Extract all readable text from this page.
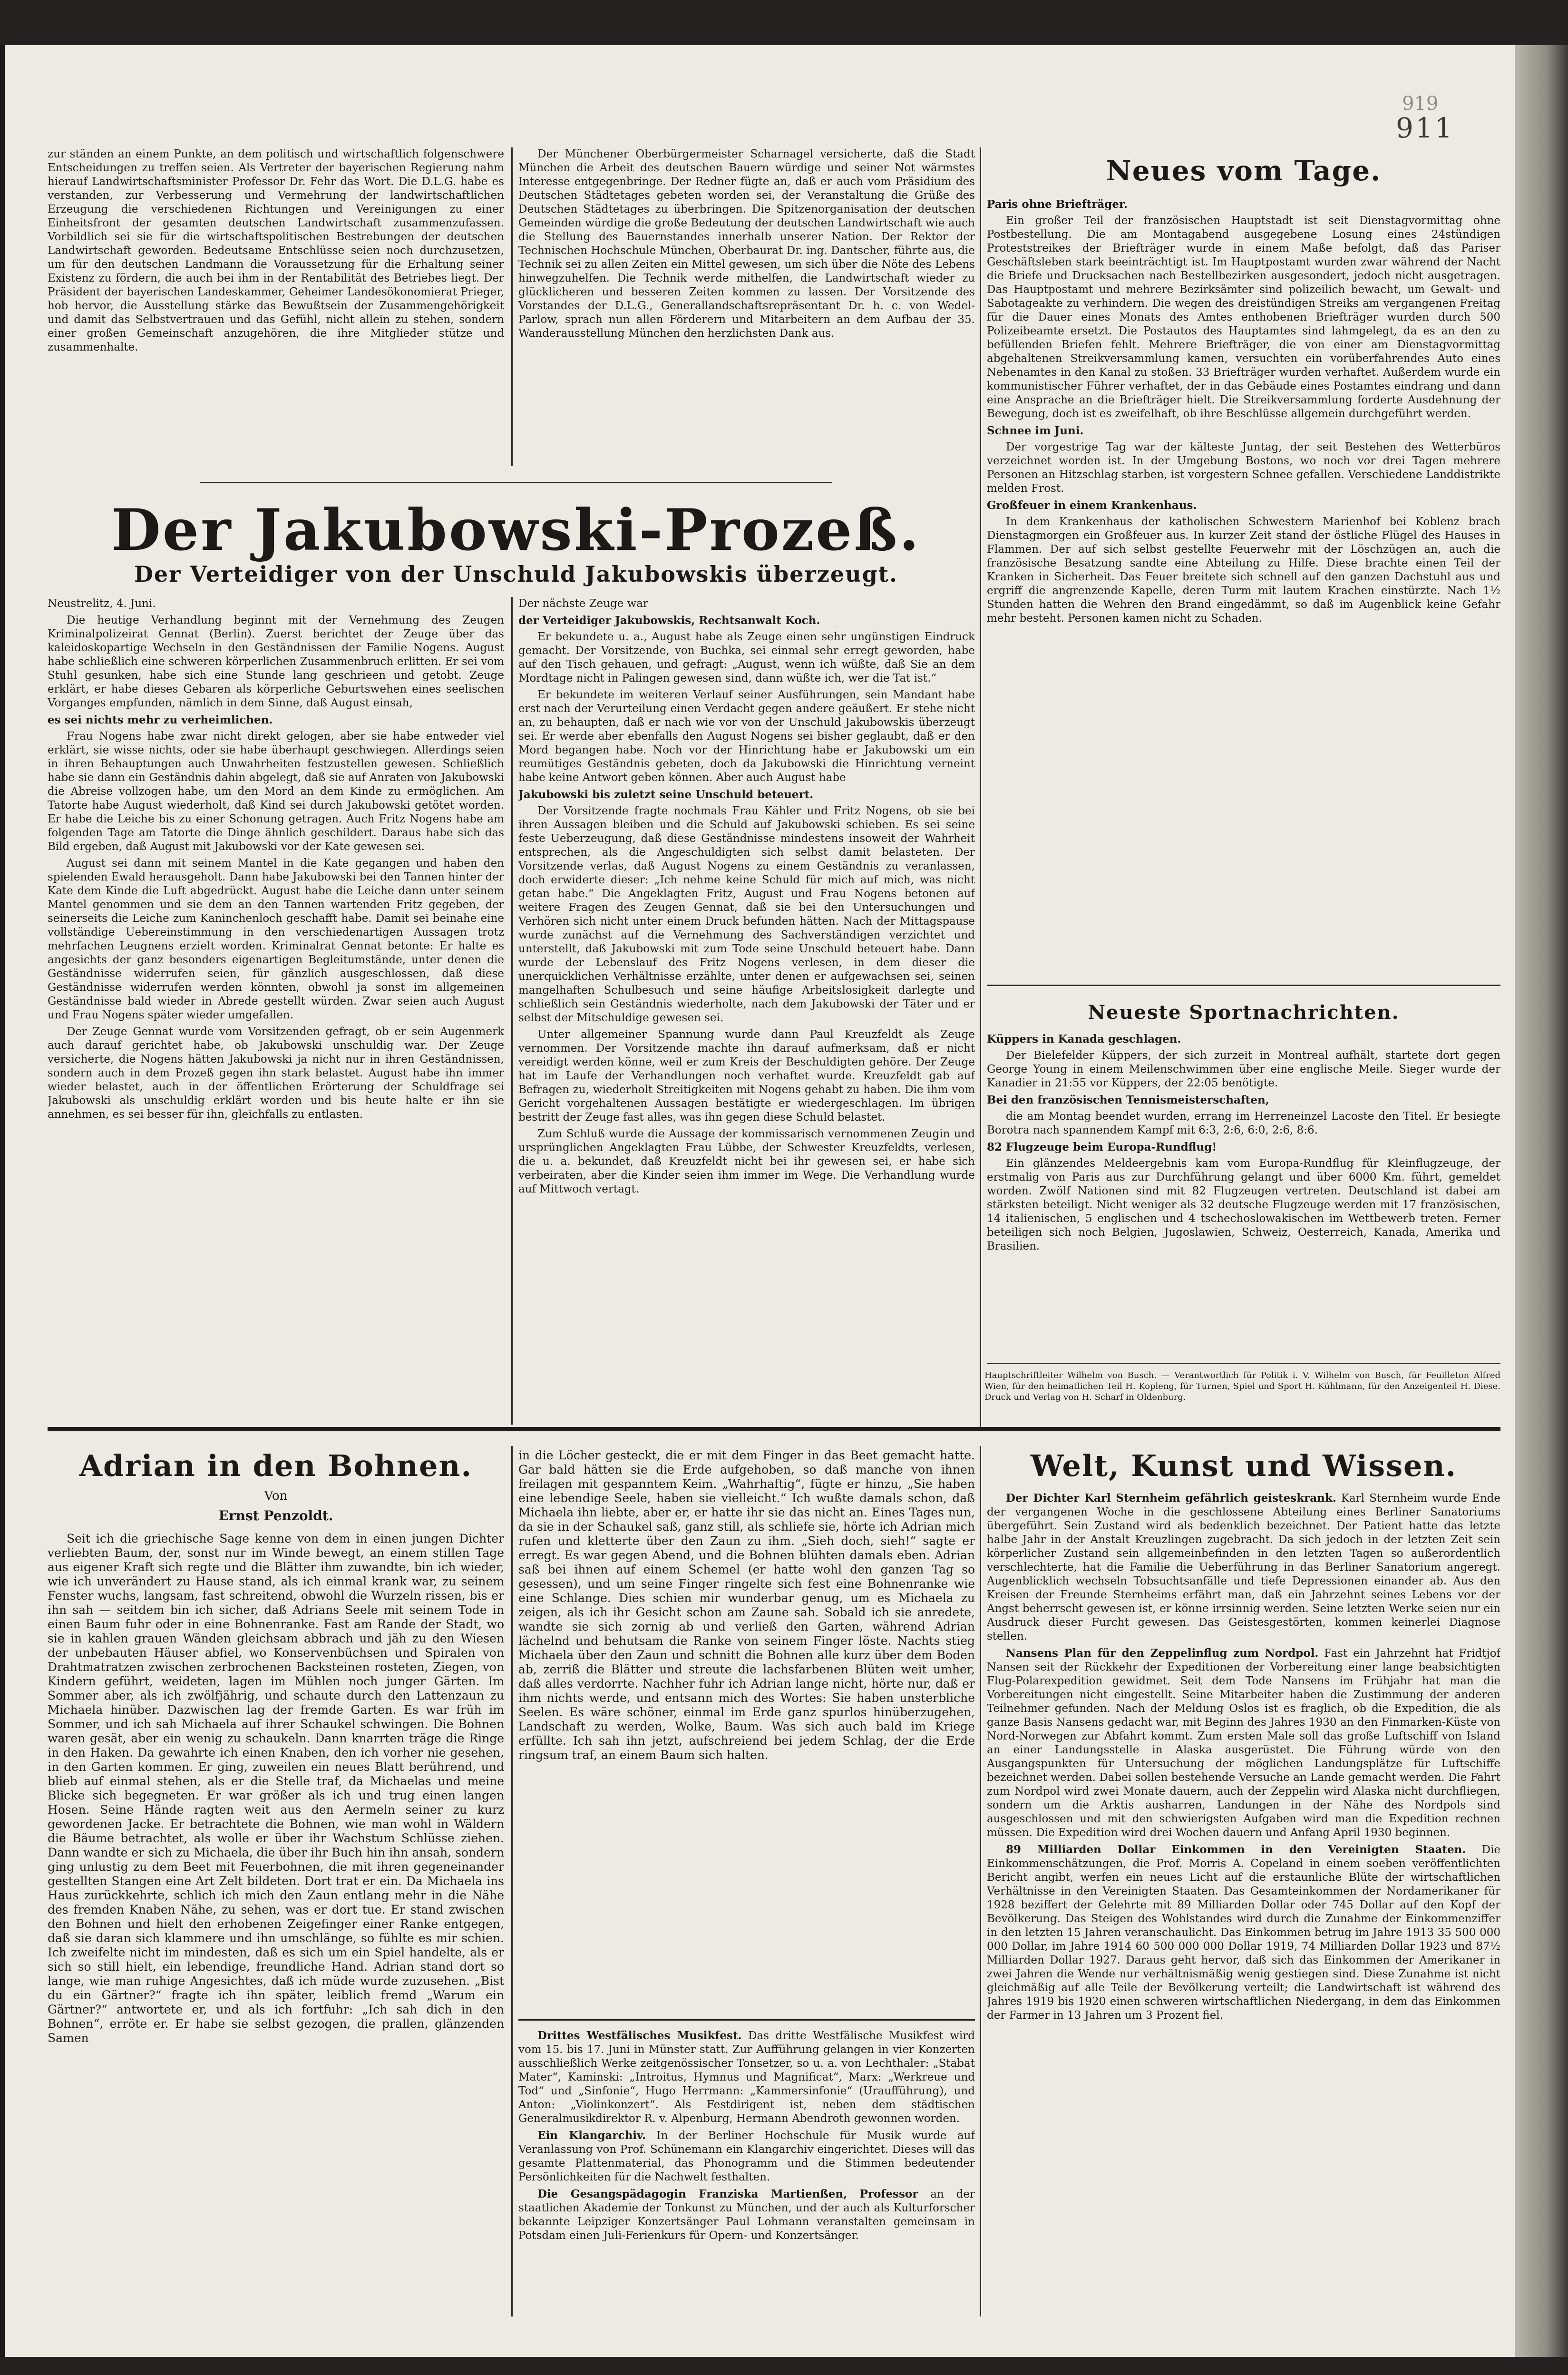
919
911

zur ständen an einem Punkte, an dem politisch und wirtschaftlich folgenschwere Entscheidungen zu treffen seien. Als Vertreter der bayerischen Regierung nahm hierauf Landwirtschaftsminister Professor Dr. Fehr das Wort. Die D.L.G. habe es verstanden, zur Verbesserung und Vermehrung der landwirtschaftlichen Erzeugung die verschiedenen Richtungen und Vereinigungen zu einer Einheitsfront der gesamten deutschen Landwirtschaft zusammenzufassen. Vorbildlich sei sie für die wirtschaftspolitischen Bestrebungen der deutschen Landwirtschaft geworden. Bedeutsame Entschlüsse seien noch durchzusetzen, um für den deutschen Landmann die Voraussetzung für die Erhaltung seiner Existenz zu fördern, die auch bei ihm in der Rentabilität des Betriebes liegt. Der Präsident der bayerischen Landeskammer, Geheimer Landesökonomierat Prieger, hob hervor, die Ausstellung stärke das Bewußtsein der Zusammengehörigkeit und damit das Selbstvertrauen und das Gefühl, nicht allein zu stehen, sondern einer großen Gemeinschaft anzugehören, die ihre Mitglieder stütze und zusammenhalte.

Der Münchener Oberbürgermeister Scharnagel versicherte, daß die Stadt München die Arbeit des deutschen Bauern würdige und seiner Not wärmstes Interesse entgegenbringe. Der Redner fügte an, daß er auch vom Präsidium des Deutschen Städtetages gebeten worden sei, der Veranstaltung die Grüße des Deutschen Städtetages zu überbringen. Die Spitzenorganisation der deutschen Gemeinden würdige die große Bedeutung der deutschen Landwirtschaft wie auch die Stellung des Bauernstandes innerhalb unserer Nation. Der Rektor der Technischen Hochschule München, Oberbaurat Dr. ing. Dantscher, führte aus, die Technik sei zu allen Zeiten ein Mittel gewesen, um sich über die Nöte des Lebens hinwegzuhelfen. Die Technik werde mithelfen, die Landwirtschaft wieder zu glücklicheren und besseren Zeiten kommen zu lassen. Der Vorsitzende des Vorstandes der D.L.G., Generallandschaftsrepräsentant Dr. h. c. von Wedel-Parlow, sprach nun allen Förderern und Mitarbeitern an dem Aufbau der 35. Wanderausstellung München den herzlichsten Dank aus.

Der Jakubowski-Prozeß.
Der Verteidiger von der Unschuld Jakubowskis überzeugt.

Neustrelitz, 4. Juni.

Die heutige Verhandlung beginnt mit der Vernehmung des Zeugen Kriminalpolizeirat Gennat (Berlin). Zuerst berichtet der Zeuge über das kaleidoskopartige Wechseln in den Geständnissen der Familie Nogens. August habe schließlich eine schweren körperlichen Zusammenbruch erlitten. Er sei vom Stuhl gesunken, habe sich eine Stunde lang geschrieen und getobt. Zeuge erklärt, er habe dieses Gebaren als körperliche Geburtswehen eines seelischen Vorganges empfunden, nämlich in dem Sinne, daß August einsah,

es sei nichts mehr zu verheimlichen.

Frau Nogens habe zwar nicht direkt gelogen, aber sie habe entweder viel erklärt, sie wisse nichts, oder sie habe überhaupt geschwiegen. Allerdings seien in ihren Behauptungen auch Unwahrheiten festzustellen gewesen. Schließlich habe sie dann ein Geständnis dahin abgelegt, daß sie auf Anraten von Jakubowski die Abreise vollzogen habe, um den Mord an dem Kinde zu ermöglichen. Am Tatorte habe August wiederholt, daß Kind sei durch Jakubowski getötet worden. Er habe die Leiche bis zu einer Schonung getragen. Auch Fritz Nogens habe am folgenden Tage am Tatorte die Dinge ähnlich geschildert. Daraus habe sich das Bild ergeben, daß August mit Jakubowski vor der Kate gewesen sei.

August sei dann mit seinem Mantel in die Kate gegangen und haben den spielenden Ewald herausgeholt. Dann habe Jakubowski bei den Tannen hinter der Kate dem Kinde die Luft abgedrückt. August habe die Leiche dann unter seinem Mantel genommen und sie dem an den Tannen wartenden Fritz gegeben, der seinerseits die Leiche zum Kaninchenloch geschafft habe. Damit sei beinahe eine vollständige Uebereinstimmung in den verschiedenartigen Aussagen trotz mehrfachen Leugnens erzielt worden. Kriminalrat Gennat betonte: Er halte es angesichts der ganz besonders eigenartigen Begleitumstände, unter denen die Geständnisse widerrufen seien, für gänzlich ausgeschlossen, daß diese Geständnisse widerrufen werden könnten, obwohl ja sonst im allgemeinen Geständnisse bald wieder in Abrede gestellt würden. Zwar seien auch August und Frau Nogens später wieder umgefallen.

Der Zeuge Gennat wurde vom Vorsitzenden gefragt, ob er sein Augenmerk auch darauf gerichtet habe, ob Jakubowski unschuldig war. Der Zeuge versicherte, die Nogens hätten Jakubowski ja nicht nur in ihren Geständnissen, sondern auch in dem Prozeß gegen ihn stark belastet. August habe ihn immer wieder belastet, auch in der öffentlichen Erörterung der Schuldfrage sei Jakubowski als unschuldig erklärt worden und bis heute halte er ihn sie annehmen, es sei besser für ihn, gleichfalls zu entlasten.

Der nächste Zeuge war

der Verteidiger Jakubowskis, Rechtsanwalt Koch.

Er bekundete u. a., August habe als Zeuge einen sehr ungünstigen Eindruck gemacht. Der Vorsitzende, von Buchka, sei einmal sehr erregt geworden, habe auf den Tisch gehauen, und gefragt: „August, wenn ich wüßte, daß Sie an dem Mordtage nicht in Palingen gewesen sind, dann wüßte ich, wer die Tat ist.“

Er bekundete im weiteren Verlauf seiner Ausführungen, sein Mandant habe erst nach der Verurteilung einen Verdacht gegen andere geäußert. Er stehe nicht an, zu behaupten, daß er nach wie vor von der Unschuld Jakubowskis überzeugt sei. Er werde aber ebenfalls den August Nogens sei bisher geglaubt, daß er den Mord begangen habe. Noch vor der Hinrichtung habe er Jakubowski um ein reumütiges Geständnis gebeten, doch da Jakubowski die Hinrichtung verneint habe keine Antwort geben können. Aber auch August habe

Jakubowski bis zuletzt seine Unschuld beteuert.

Der Vorsitzende fragte nochmals Frau Kähler und Fritz Nogens, ob sie bei ihren Aussagen bleiben und die Schuld auf Jakubowski schieben. Es sei seine feste Ueberzeugung, daß diese Geständnisse mindestens insoweit der Wahrheit entsprechen, als die Angeschuldigten sich selbst damit belasteten. Der Vorsitzende verlas, daß August Nogens zu einem Geständnis zu veranlassen, doch erwiderte dieser: „Ich nehme keine Schuld für mich auf mich, was nicht getan habe.“ Die Angeklagten Fritz, August und Frau Nogens betonen auf weitere Fragen des Zeugen Gennat, daß sie bei den Untersuchungen und Verhören sich nicht unter einem Druck befunden hätten. Nach der Mittagspause wurde zunächst auf die Vernehmung des Sachverständigen verzichtet und unterstellt, daß Jakubowski mit zum Tode seine Unschuld beteuert habe. Dann wurde der Lebenslauf des Fritz Nogens verlesen, in dem dieser die unerquicklichen Verhältnisse erzählte, unter denen er aufgewachsen sei, seinen mangelhaften Schulbesuch und seine häufige Arbeitslosigkeit darlegte und schließlich sein Geständnis wiederholte, nach dem Jakubowski der Täter und er selbst der Mitschuldige gewesen sei.

Unter allgemeiner Spannung wurde dann Paul Kreuzfeldt als Zeuge vernommen. Der Vorsitzende machte ihn darauf aufmerksam, daß er nicht vereidigt werden könne, weil er zum Kreis der Beschuldigten gehöre. Der Zeuge hat im Laufe der Verhandlungen noch verhaftet wurde. Kreuzfeldt gab auf Befragen zu, wiederholt Streitigkeiten mit Nogens gehabt zu haben. Die ihm vom Gericht vorgehaltenen Aussagen bestätigte er wiedergeschlagen. Im übrigen bestritt der Zeuge fast alles, was ihn gegen diese Schuld belastet.

Zum Schluß wurde die Aussage der kommissarisch vernommenen Zeugin und ursprünglichen Angeklagten Frau Lübbe, der Schwester Kreuzfeldts, verlesen, die u. a. bekundet, daß Kreuzfeldt nicht bei ihr gewesen sei, er habe sich verbeiraten, aber die Kinder seien ihm immer im Wege. Die Verhandlung wurde auf Mittwoch vertagt.

Neues vom Tage.

Paris ohne Briefträger.

Ein großer Teil der französischen Hauptstadt ist seit Dienstagvormittag ohne Postbestellung. Die am Montagabend ausgegebene Losung eines 24stündigen Proteststreikes der Briefträger wurde in einem Maße befolgt, daß das Pariser Geschäftsleben stark beeinträchtigt ist. Im Hauptpostamt wurden zwar während der Nacht die Briefe und Drucksachen nach Bestellbezirken ausgesondert, jedoch nicht ausgetragen. Das Hauptpostamt und mehrere Bezirksämter sind polizeilich bewacht, um Gewalt- und Sabotageakte zu verhindern. Die wegen des dreistündigen Streiks am vergangenen Freitag für die Dauer eines Monats des Amtes enthobenen Briefträger wurden durch 500 Polizeibeamte ersetzt. Die Postautos des Hauptamtes sind lahmgelegt, da es an den zu befüllenden Briefen fehlt. Mehrere Briefträger, die von einer am Dienstagvormittag abgehaltenen Streikversammlung kamen, versuchten ein vorüberfahrendes Auto eines Nebenamtes in den Kanal zu stoßen. 33 Briefträger wurden verhaftet. Außerdem wurde ein kommunistischer Führer verhaftet, der in das Gebäude eines Postamtes eindrang und dann eine Ansprache an die Briefträger hielt. Die Streikversammlung forderte Ausdehnung der Bewegung, doch ist es zweifelhaft, ob ihre Beschlüsse allgemein durchgeführt werden.

Schnee im Juni.

Der vorgestrige Tag war der kälteste Juntag, der seit Bestehen des Wetterbüros verzeichnet worden ist. In der Umgebung Bostons, wo noch vor drei Tagen mehrere Personen an Hitzschlag starben, ist vorgestern Schnee gefallen. Verschiedene Landdistrikte melden Frost.

Großfeuer in einem Krankenhaus.

In dem Krankenhaus der katholischen Schwestern Marienhof bei Koblenz brach Dienstagmorgen ein Großfeuer aus. In kurzer Zeit stand der östliche Flügel des Hauses in Flammen. Der auf sich selbst gestellte Feuerwehr mit der Löschzügen an, auch die französische Besatzung sandte eine Abteilung zu Hilfe. Diese brachte einen Teil der Kranken in Sicherheit. Das Feuer breitete sich schnell auf den ganzen Dachstuhl aus und ergriff die angrenzende Kapelle, deren Turm mit lautem Krachen einstürzte. Nach 1½ Stunden hatten die Wehren den Brand eingedämmt, so daß im Augenblick keine Gefahr mehr besteht. Personen kamen nicht zu Schaden.

Neueste Sportnachrichten.

Küppers in Kanada geschlagen.

Der Bielefelder Küppers, der sich zurzeit in Montreal aufhält, startete dort gegen George Young in einem Meilenschwimmen über eine englische Meile. Sieger wurde der Kanadier in 21:55 vor Küppers, der 22:05 benötigte.

Bei den französischen Tennismeisterschaften,

die am Montag beendet wurden, errang im Herreneinzel Lacoste den Titel. Er besiegte Borotra nach spannendem Kampf mit 6:3, 2:6, 6:0, 2:6, 8:6.

82 Flugzeuge beim Europa-Rundflug!

Ein glänzendes Meldeergebnis kam vom Europa-Rundflug für Kleinflugzeuge, der erstmalig von Paris aus zur Durchführung gelangt und über 6000 Km. führt, gemeldet worden. Zwölf Nationen sind mit 82 Flugzeugen vertreten. Deutschland ist dabei am stärksten beteiligt. Nicht weniger als 32 deutsche Flugzeuge werden mit 17 französischen, 14 italienischen, 5 englischen und 4 tschechoslowakischen im Wettbewerb treten. Ferner beteiligen sich noch Belgien, Jugoslawien, Schweiz, Oesterreich, Kanada, Amerika und Brasilien.

Hauptschriftleiter Wilhelm von Busch. — Verantwortlich für Politik i. V. Wilhelm von Busch, für Feuilleton Alfred Wien, für den heimatlichen Teil H. Kopleng, für Turnen, Spiel und Sport H. Kühlmann, für den Anzeigenteil H. Diese. Druck und Verlag von H. Scharf in Oldenburg.
Adrian in den Bohnen.
Von
Ernst Penzoldt.

Seit ich die griechische Sage kenne von dem in einen jungen Dichter verliebten Baum, der, sonst nur im Winde bewegt, an einem stillen Tage aus eigener Kraft sich regte und die Blätter ihm zuwandte, bin ich wieder, wie ich unverändert zu Hause stand, als ich einmal krank war, zu seinem Fenster wuchs, langsam, fast schreitend, obwohl die Wurzeln rissen, bis er ihn sah — seitdem bin ich sicher, daß Adrians Seele mit seinem Tode in einen Baum fuhr oder in eine Bohnenranke. Fast am Rande der Stadt, wo sie in kahlen grauen Wänden gleichsam abbrach und jäh zu den Wiesen der unbebauten Häuser abfiel, wo Konservenbüchsen und Spiralen von Drahtmatratzen zwischen zerbrochenen Backsteinen rosteten, Ziegen, von Kindern geführt, weideten, lagen im Mühlen noch junger Gärten. Im Sommer aber, als ich zwölfjährig, und schaute durch den Lattenzaun zu Michaela hinüber. Dazwischen lag der fremde Garten. Es war früh im Sommer, und ich sah Michaela auf ihrer Schaukel schwingen. Die Bohnen waren gesät, aber ein wenig zu schaukeln. Dann knarrten träge die Ringe in den Haken. Da gewahrte ich einen Knaben, den ich vorher nie gesehen, in den Garten kommen. Er ging, zuweilen ein neues Blatt berührend, und blieb auf einmal stehen, als er die Stelle traf, da Michaelas und meine Blicke sich begegneten. Er war größer als ich und trug einen langen Hosen. Seine Hände ragten weit aus den Aermeln seiner zu kurz gewordenen Jacke. Er betrachtete die Bohnen, wie man wohl in Wäldern die Bäume betrachtet, als wolle er über ihr Wachstum Schlüsse ziehen. Dann wandte er sich zu Michaela, die über ihr Buch hin ihn ansah, sondern ging unlustig zu dem Beet mit Feuerbohnen, die mit ihren gegeneinander gestellten Stangen eine Art Zelt bildeten. Dort trat er ein. Da Michaela ins Haus zurückkehrte, schlich ich mich den Zaun entlang mehr in die Nähe des fremden Knaben Nähe, zu sehen, was er dort tue. Er stand zwischen den Bohnen und hielt den erhobenen Zeigefinger einer Ranke entgegen, daß sie daran sich klammere und ihn umschlänge, so fühlte es mir schien. Ich zweifelte nicht im mindesten, daß es sich um ein Spiel handelte, als er sich so still hielt, ein lebendige, freundliche Hand. Adrian stand dort so lange, wie man ruhige Angesichtes, daß ich müde wurde zuzusehen. „Bist du ein Gärtner?“ fragte ich ihn später, leiblich fremd „Warum ein Gärtner?“ antwortete er, und als ich fortfuhr: „Ich sah dich in den Bohnen“, erröte er. Er habe sie selbst gezogen, die prallen, glänzenden Samen

in die Löcher gesteckt, die er mit dem Finger in das Beet gemacht hatte. Gar bald hätten sie die Erde aufgehoben, so daß manche von ihnen freilagen mit gespanntem Keim. „Wahrhaftig“, fügte er hinzu, „Sie haben eine lebendige Seele, haben sie vielleicht.“ Ich wußte damals schon, daß Michaela ihn liebte, aber er, er hatte ihr sie das nicht an. Eines Tages nun, da sie in der Schaukel saß, ganz still, als schliefe sie, hörte ich Adrian mich rufen und kletterte über den Zaun zu ihm. „Sieh doch, sieh!“ sagte er erregt. Es war gegen Abend, und die Bohnen blühten damals eben. Adrian saß bei ihnen auf einem Schemel (er hatte wohl den ganzen Tag so gesessen), und um seine Finger ringelte sich fest eine Bohnenranke wie eine Schlange. Dies schien mir wunderbar genug, um es Michaela zu zeigen, als ich ihr Gesicht schon am Zaune sah. Sobald ich sie anredete, wandte sie sich zornig ab und verließ den Garten, während Adrian lächelnd und behutsam die Ranke von seinem Finger löste. Nachts stieg Michaela über den Zaun und schnitt die Bohnen alle kurz über dem Boden ab, zerriß die Blätter und streute die lachsfarbenen Blüten weit umher, daß alles verdorrte. Nachher fuhr ich Adrian lange nicht, hörte nur, daß er ihm nichts werde, und entsann mich des Wortes: Sie haben unsterbliche Seelen. Es wäre schöner, einmal im Erde ganz spurlos hinüberzugehen, Landschaft zu werden, Wolke, Baum. Was sich auch bald im Kriege erfüllte. Ich sah ihn jetzt, aufschreiend bei jedem Schlag, der die Erde ringsum traf, an einem Baum sich halten.

Drittes Westfälisches Musikfest. Das dritte Westfälische Musikfest wird vom 15. bis 17. Juni in Münster statt. Zur Aufführung gelangen in vier Konzerten ausschließlich Werke zeitgenössischer Tonsetzer, so u. a. von Lechthaler: „Stabat Mater“, Kaminski: „Introitus, Hymnus und Magnificat“, Marx: „Werkreue und Tod“ und „Sinfonie“, Hugo Herrmann: „Kammersinfonie“ (Uraufführung), und Anton: „Violinkonzert“. Als Festdirigent ist, neben dem städtischen Generalmusikdirektor R. v. Alpenburg, Hermann Abendroth gewonnen worden.

Ein Klangarchiv. In der Berliner Hochschule für Musik wurde auf Veranlassung von Prof. Schünemann ein Klangarchiv eingerichtet. Dieses will das gesamte Plattenmaterial, das Phonogramm und die Stimmen bedeutender Persönlichkeiten für die Nachwelt festhalten.

Die Gesangspädagogin Franziska Martienßen, Professor an der staatlichen Akademie der Tonkunst zu München, und der auch als Kulturforscher bekannte Leipziger Konzertsänger Paul Lohmann veranstalten gemeinsam in Potsdam einen Juli-Ferienkurs für Opern- und Konzertsänger.

Welt, Kunst und Wissen.

Der Dichter Karl Sternheim gefährlich geisteskrank. Karl Sternheim wurde Ende der vergangenen Woche in die geschlossene Abteilung eines Berliner Sanatoriums übergeführt. Sein Zustand wird als bedenklich bezeichnet. Der Patient hatte das letzte halbe Jahr in der Anstalt Kreuzlingen zugebracht. Da sich jedoch in der letzten Zeit sein körperlicher Zustand sein allgemeinbefinden in den letzten Tagen so außerordentlich verschlechterte, hat die Familie die Ueberführung in das Berliner Sanatorium angeregt. Augenblicklich wechseln Tobsuchtsanfälle und tiefe Depressionen einander ab. Aus den Kreisen der Freunde Sternheims erfährt man, daß ein Jahrzehnt seines Lebens vor der Angst beherrscht gewesen ist, er könne irrsinnig werden. Seine letzten Werke seien nur ein Ausdruck dieser Furcht gewesen. Das Geistesgestörten, kommen keinerlei Diagnose stellen.

Nansens Plan für den Zeppelinflug zum Nordpol. Fast ein Jahrzehnt hat Fridtjof Nansen seit der Rückkehr der Expeditionen der Vorbereitung einer lange beabsichtigten Flug-Polarexpedition gewidmet. Seit dem Tode Nansens im Frühjahr hat man die Vorbereitungen nicht eingestellt. Seine Mitarbeiter haben die Zustimmung der anderen Teilnehmer gefunden. Nach der Meldung Oslos ist es fraglich, ob die Expedition, die als ganze Basis Nansens gedacht war, mit Beginn des Jahres 1930 an den Finmarken-Küste von Nord-Norwegen zur Abfahrt kommt. Zum ersten Male soll das große Luftschiff von Island an einer Landungsstelle in Alaska ausgerüstet. Die Führung würde von den Ausgangspunkten für Untersuchung der möglichen Landungsplätze für Luftschiffe bezeichnet werden. Dabei sollen bestehende Versuche an Lande gemacht werden. Die Fahrt zum Nordpol wird zwei Monate dauern, auch der Zeppelin wird Alaska nicht durchfliegen, sondern um die Arktis ausharren, Landungen in der Nähe des Nordpols sind ausgeschlossen und mit den schwierigsten Aufgaben wird man die Expedition rechnen müssen. Die Expedition wird drei Wochen dauern und Anfang April 1930 beginnen.

89 Milliarden Dollar Einkommen in den Vereinigten Staaten. Die Einkommenschätzungen, die Prof. Morris A. Copeland in einem soeben veröffentlichten Bericht angibt, werfen ein neues Licht auf die erstaunliche Blüte der wirtschaftlichen Verhältnisse in den Vereinigten Staaten. Das Gesamteinkommen der Nordamerikaner für 1928 beziffert der Gelehrte mit 89 Milliarden Dollar oder 745 Dollar auf den Kopf der Bevölkerung. Das Steigen des Wohlstandes wird durch die Zunahme der Einkommenziffer in den letzten 15 Jahren veranschaulicht. Das Einkommen betrug im Jahre 1913 35 500 000 000 Dollar, im Jahre 1914 60 500 000 000 Dollar 1919, 74 Milliarden Dollar 1923 und 87½ Milliarden Dollar 1927. Daraus geht hervor, daß sich das Einkommen der Amerikaner in zwei Jahren die Wende nur verhältnismäßig wenig gestiegen sind. Diese Zunahme ist nicht gleichmäßig auf alle Teile der Bevölkerung verteilt; die Landwirtschaft ist während des Jahres 1919 bis 1920 einen schweren wirtschaftlichen Niedergang, in dem das Einkommen der Farmer in 13 Jahren um 3 Prozent fiel.
